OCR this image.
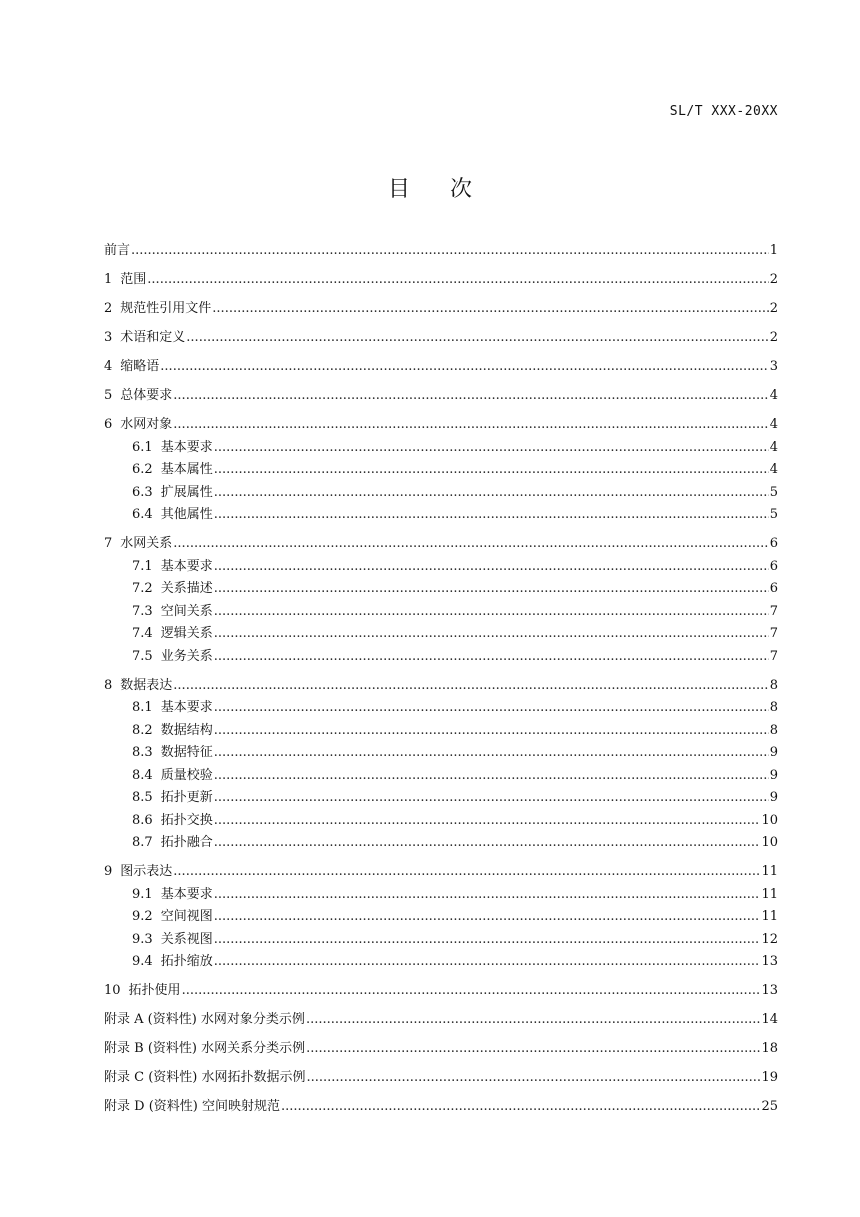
SL/T XXX-20XX
目 次
前言 .....	1
1 范围 .....	2
2 规范性引用文件 .....	2
3 术语和定义 .....	2
4 缩略语 .....	3
5 总体要求 .....	4
6 水网对象 .....	4
6.1 基本要求 .....	4
6.2 基本属性 .....	4
6.3 扩展属性 .....	5
6.4 其他属性 .....	5
7 水网关系 .....	6
7.1 基本要求 .....	6
7.2 关系描述 .....	6
7.3 空间关系 .....	7
7.4 逻辑关系 .....	7
7.5 业务关系 .....	7
8 数据表达 .....	8
8.1 基本要求 .....	8
8.2 数据结构 .....	8
8.3 数据特征 .....	9
8.4 质量校验 .....	9
8.5 拓扑更新 .....	9
8.6 拓扑交换 .....	10
8.7 拓扑融合 .....	10
9 图示表达 .....	11
9.1 基本要求 .....	11
9.2 空间视图 .....	11
9.3 关系视图 .....	12
9.4 拓扑缩放 .....	13
10 拓扑使用 .....	13
附录 A (资料性) 水网对象分类示例 .....	14
附录 B (资料性) 水网关系分类示例 .....	18
附录 C (资料性) 水网拓扑数据示例 .....	19
附录 D (资料性) 空间映射规范 .....	25
